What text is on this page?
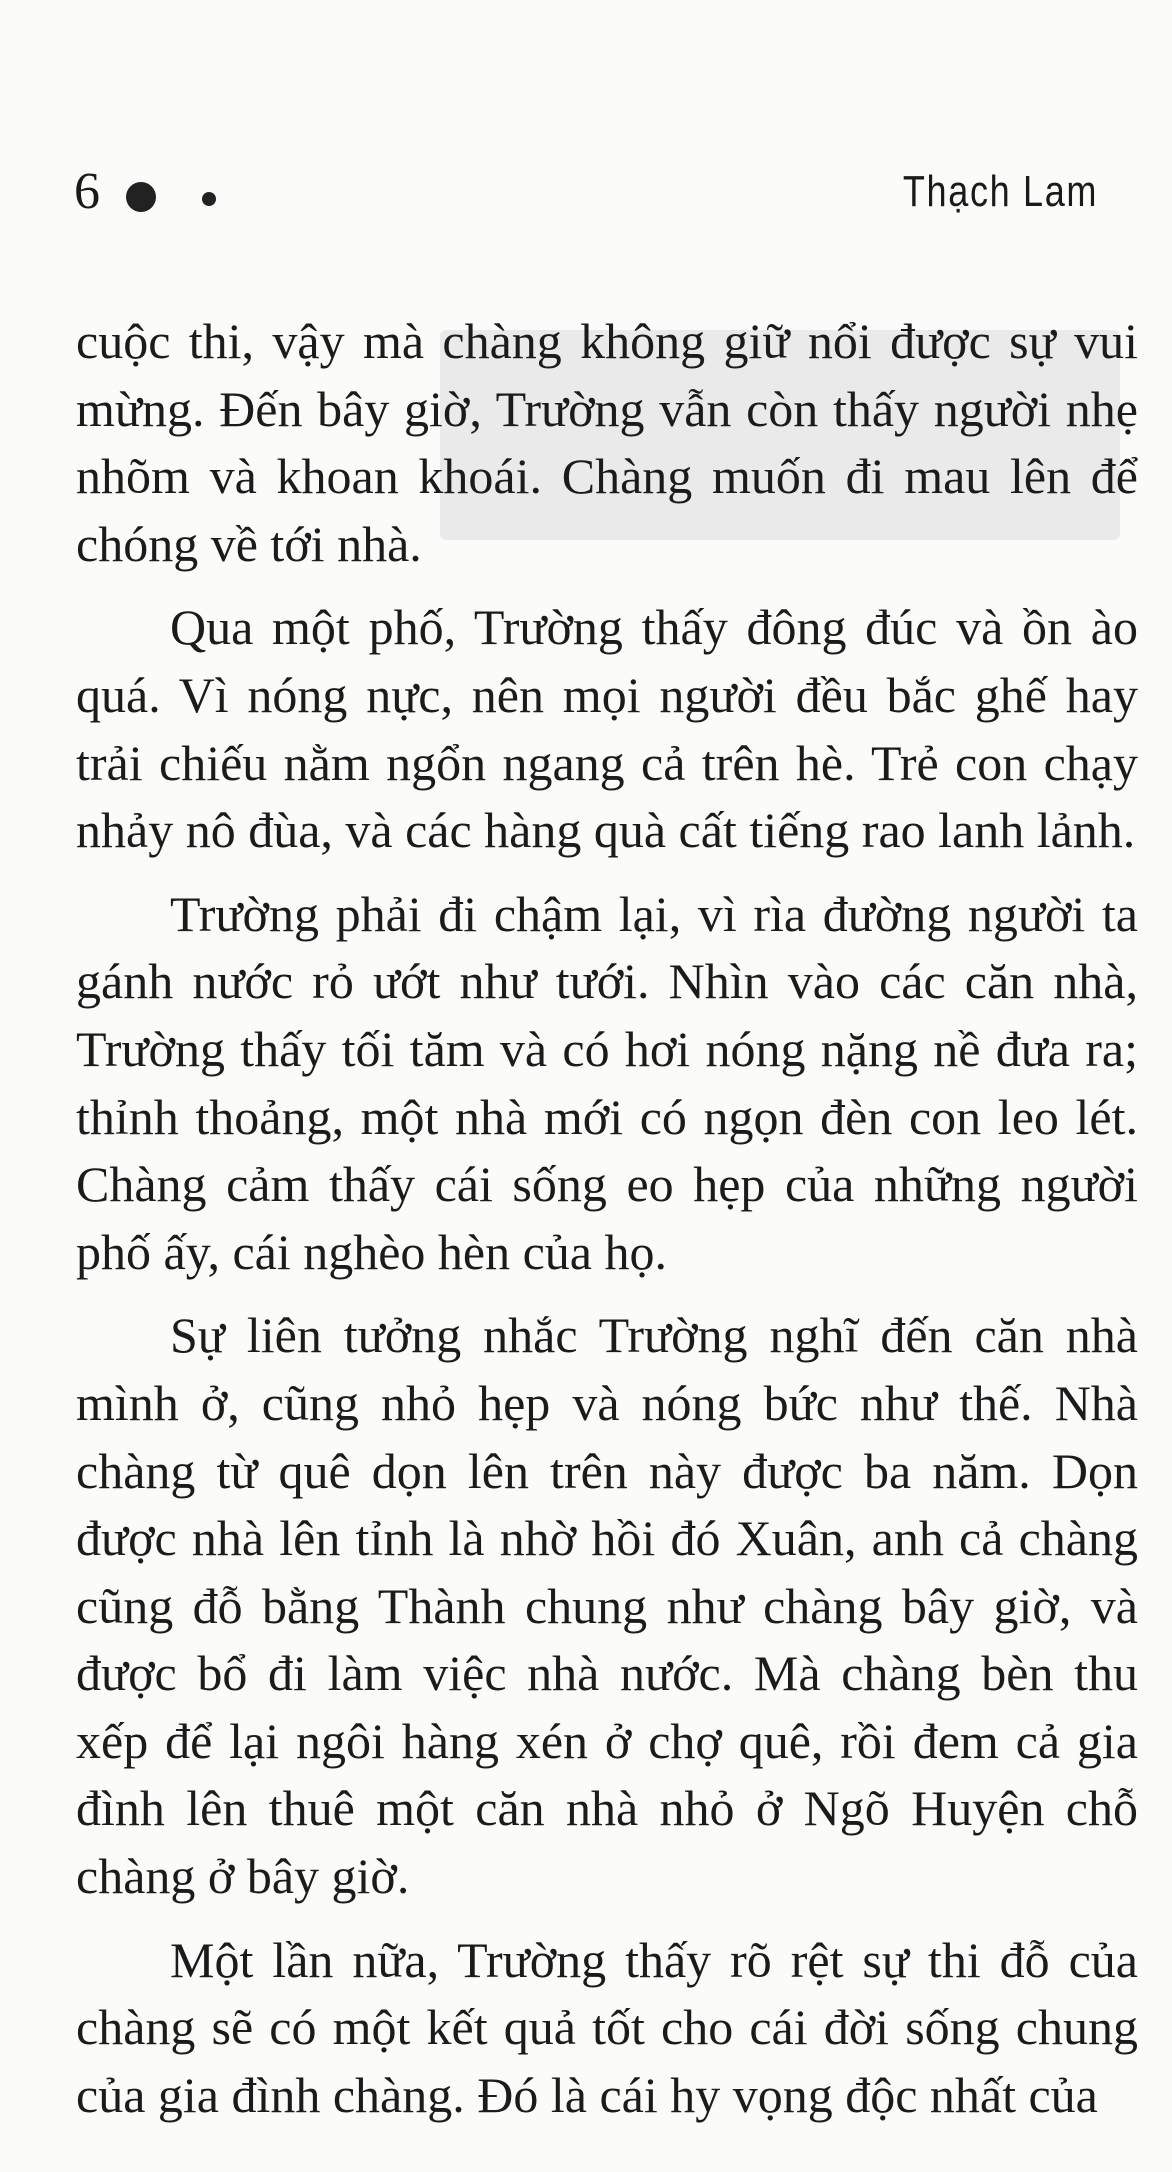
6	Thạch Lam

cuộc thi, vậy mà chàng không giữ nổi được sự vui mừng. Đến bây giờ, Trường vẫn còn thấy người nhẹ nhõm và khoan khoái. Chàng muốn đi mau lên để chóng về tới nhà.

Qua một phố, Trường thấy đông đúc và ồn ào quá. Vì nóng nực, nên mọi người đều bắc ghế hay trải chiếu nằm ngổn ngang cả trên hè. Trẻ con chạy nhảy nô đùa, và các hàng quà cất tiếng rao lanh lảnh.

Trường phải đi chậm lại, vì rìa đường người ta gánh nước rỏ ướt như tưới. Nhìn vào các căn nhà, Trường thấy tối tăm và có hơi nóng nặng nề đưa ra; thỉnh thoảng, một nhà mới có ngọn đèn con leo lét. Chàng cảm thấy cái sống eo hẹp của những người phố ấy, cái nghèo hèn của họ.

Sự liên tưởng nhắc Trường nghĩ đến căn nhà mình ở, cũng nhỏ hẹp và nóng bức như thế. Nhà chàng từ quê dọn lên trên này được ba năm. Dọn được nhà lên tỉnh là nhờ hồi đó Xuân, anh cả chàng cũng đỗ bằng Thành chung như chàng bây giờ, và được bổ đi làm việc nhà nước. Mà chàng bèn thu xếp để lại ngôi hàng xén ở chợ quê, rồi đem cả gia đình lên thuê một căn nhà nhỏ ở Ngõ Huyện chỗ chàng ở bây giờ.

Một lần nữa, Trường thấy rõ rệt sự thi đỗ của chàng sẽ có một kết quả tốt cho cái đời sống chung của gia đình chàng. Đó là cái hy vọng độc nhất của
